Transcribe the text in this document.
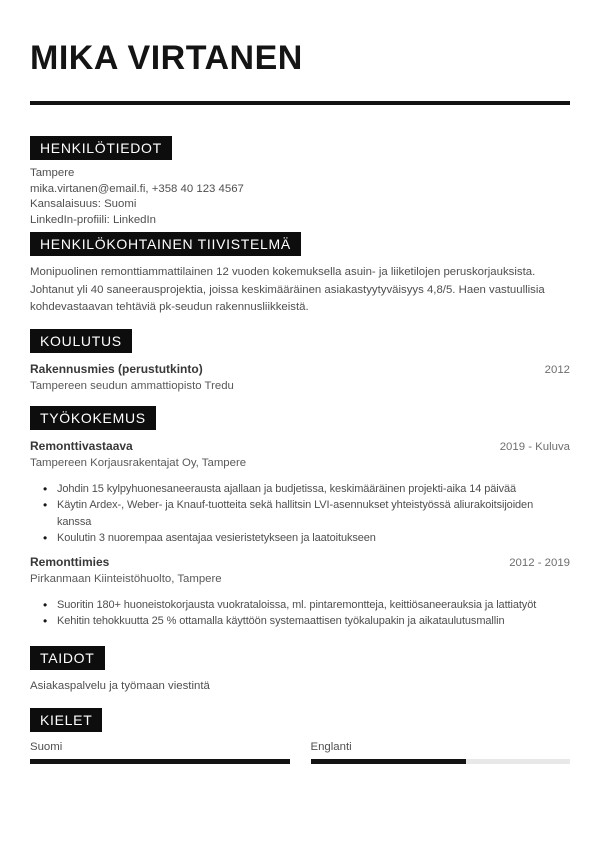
MIKA VIRTANEN
HENKILÖTIEDOT

Tampere

mika.virtanen@email.fi, +358 40 123 4567

Kansalaisuus: Suomi

LinkedIn-profiili: LinkedIn

HENKILÖKOHTAINEN TIIVISTELMÄ

Monipuolinen remonttiammattilainen 12 vuoden kokemuksella asuin- ja liiketilojen peruskorjauksista. Johtanut yli 40 saneerausprojektia, joissa keskimääräinen asiakastyytyväisyys 4,8/5. Haen vastuullisia kohdevastaavan tehtäviä pk-seudun rakennusliikkeistä.

KOULUTUS
Rakennusmies (perustutkinto)	2012
Tampereen seudun ammattiopisto Tredu
TYÖKOKEMUS
Remonttivastaava	2019 - Kuluva
Tampereen Korjausrakentajat Oy, Tampere
• Johdin 15 kylpyhuonesaneerausta ajallaan ja budjetissa, keskimääräinen projekti-aika 14 päivää
• Käytin Ardex-, Weber- ja Knauf-tuotteita sekä hallitsin LVI-asennukset yhteistyössä aliurakoitsijoiden kanssa
• Koulutin 3 nuorempaa asentajaa vesieristetykseen ja laatoitukseen
Remonttimies	2012 - 2019
Pirkanmaan Kiinteistöhuolto, Tampere
• Suoritin 180+ huoneistokorjausta vuokrataloissa, ml. pintaremontteja, keittiösaneerauksia ja lattiatyöt
• Kehitin tehokkuutta 25 % ottamalla käyttöön systemaattisen työkalupakin ja aikataulutusmallin
TAIDOT

Asiakaspalvelu ja työmaan viestintä

KIELET
Suomi	Englanti
